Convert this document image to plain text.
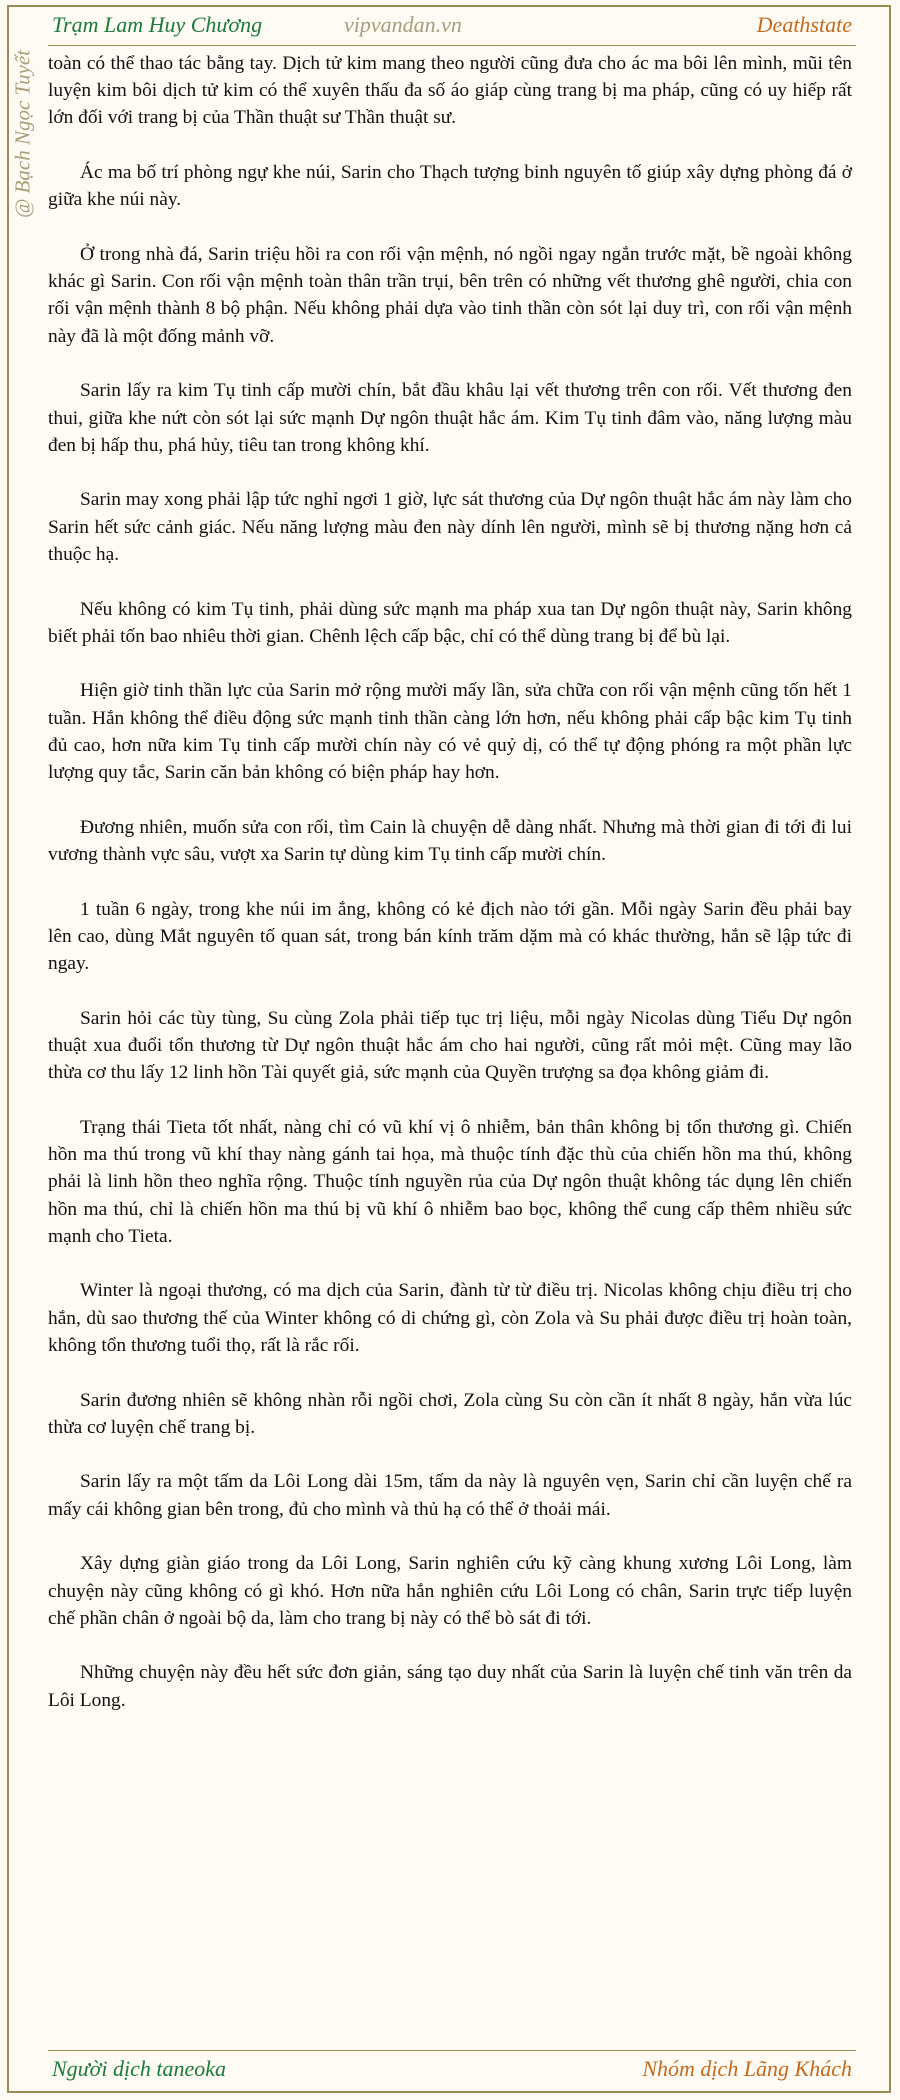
Trạm Lam Huy Chương	vipvandan.vn	Deathstate
@ Bạch Ngọc Tuyết toàn có thể thao tác bằng tay. Dịch tử kim mang theo người cũng đưa cho ác ma bôi lên mình, mũi tên luyện kim bôi dịch tử kim có thể xuyên thấu đa số áo giáp cùng trang bị ma pháp, cũng có uy hiếp rất lớn đối với trang bị của Thần thuật sư Thần thuật sư.

Ác ma bố trí phòng ngự khe núi, Sarin cho Thạch tượng binh nguyên tố giúp xây dựng phòng đá ở giữa khe núi này.

Ở trong nhà đá, Sarin triệu hồi ra con rối vận mệnh, nó ngồi ngay ngắn trước mặt, bề ngoài không khác gì Sarin. Con rối vận mệnh toàn thân trần trụi, bên trên có những vết thương ghê người, chia con rối vận mệnh thành 8 bộ phận. Nếu không phải dựa vào tinh thần còn sót lại duy trì, con rối vận mệnh này đã là một đống mảnh vỡ.

Sarin lấy ra kim Tụ tinh cấp mười chín, bắt đầu khâu lại vết thương trên con rối. Vết thương đen thui, giữa khe nứt còn sót lại sức mạnh Dự ngôn thuật hắc ám. Kim Tụ tinh đâm vào, năng lượng màu đen bị hấp thu, phá hủy, tiêu tan trong không khí.

Sarin may xong phải lập tức nghỉ ngơi 1 giờ, lực sát thương của Dự ngôn thuật hắc ám này làm cho Sarin hết sức cảnh giác. Nếu năng lượng màu đen này dính lên người, mình sẽ bị thương nặng hơn cả thuộc hạ.

Nếu không có kim Tụ tinh, phải dùng sức mạnh ma pháp xua tan Dự ngôn thuật này, Sarin không biết phải tốn bao nhiêu thời gian. Chênh lệch cấp bậc, chỉ có thể dùng trang bị để bù lại.

Hiện giờ tinh thần lực của Sarin mở rộng mười mấy lần, sửa chữa con rối vận mệnh cũng tốn hết 1 tuần. Hắn không thể điều động sức mạnh tinh thần càng lớn hơn, nếu không phải cấp bậc kim Tụ tinh đủ cao, hơn nữa kim Tụ tinh cấp mười chín này có vẻ quỷ dị, có thể tự động phóng ra một phần lực lượng quy tắc, Sarin căn bản không có biện pháp hay hơn.

Đương nhiên, muốn sửa con rối, tìm Cain là chuyện dễ dàng nhất. Nhưng mà thời gian đi tới đi lui vương thành vực sâu, vượt xa Sarin tự dùng kim Tụ tinh cấp mười chín.

1 tuần 6 ngày, trong khe núi im ắng, không có kẻ địch nào tới gần. Mỗi ngày Sarin đều phải bay lên cao, dùng Mắt nguyên tố quan sát, trong bán kính trăm dặm mà có khác thường, hắn sẽ lập tức đi ngay.

Sarin hỏi các tùy tùng, Su cùng Zola phải tiếp tục trị liệu, mỗi ngày Nicolas dùng Tiểu Dự ngôn thuật xua đuổi tổn thương từ Dự ngôn thuật hắc ám cho hai người, cũng rất mỏi mệt. Cũng may lão thừa cơ thu lấy 12 linh hồn Tài quyết giả, sức mạnh của Quyền trượng sa đọa không giảm đi.

Trạng thái Tieta tốt nhất, nàng chỉ có vũ khí vị ô nhiễm, bản thân không bị tổn thương gì. Chiến hồn ma thú trong vũ khí thay nàng gánh tai họa, mà thuộc tính đặc thù của chiến hồn ma thú, không phải là linh hồn theo nghĩa rộng. Thuộc tính nguyền rủa của Dự ngôn thuật không tác dụng lên chiến hồn ma thú, chỉ là chiến hồn ma thú bị vũ khí ô nhiễm bao bọc, không thể cung cấp thêm nhiều sức mạnh cho Tieta.

Winter là ngoại thương, có ma dịch của Sarin, đành từ từ điều trị. Nicolas không chịu điều trị cho hắn, dù sao thương thế của Winter không có di chứng gì, còn Zola và Su phải được điều trị hoàn toàn, không tổn thương tuổi thọ, rất là rắc rối.

Sarin đương nhiên sẽ không nhàn rỗi ngồi chơi, Zola cùng Su còn cần ít nhất 8 ngày, hắn vừa lúc thừa cơ luyện chế trang bị.

Sarin lấy ra một tấm da Lôi Long dài 15m, tấm da này là nguyên vẹn, Sarin chỉ cần luyện chế ra mấy cái không gian bên trong, đủ cho mình và thủ hạ có thể ở thoải mái.

Xây dựng giàn giáo trong da Lôi Long, Sarin nghiên cứu kỹ càng khung xương Lôi Long, làm chuyện này cũng không có gì khó. Hơn nữa hắn nghiên cứu Lôi Long có chân, Sarin trực tiếp luyện chế phần chân ở ngoài bộ da, làm cho trang bị này có thể bò sát đi tới.

Những chuyện này đều hết sức đơn giản, sáng tạo duy nhất của Sarin là luyện chế tinh văn trên da Lôi Long.

Người dịch taneoka	Nhóm dịch Lãng Khách
